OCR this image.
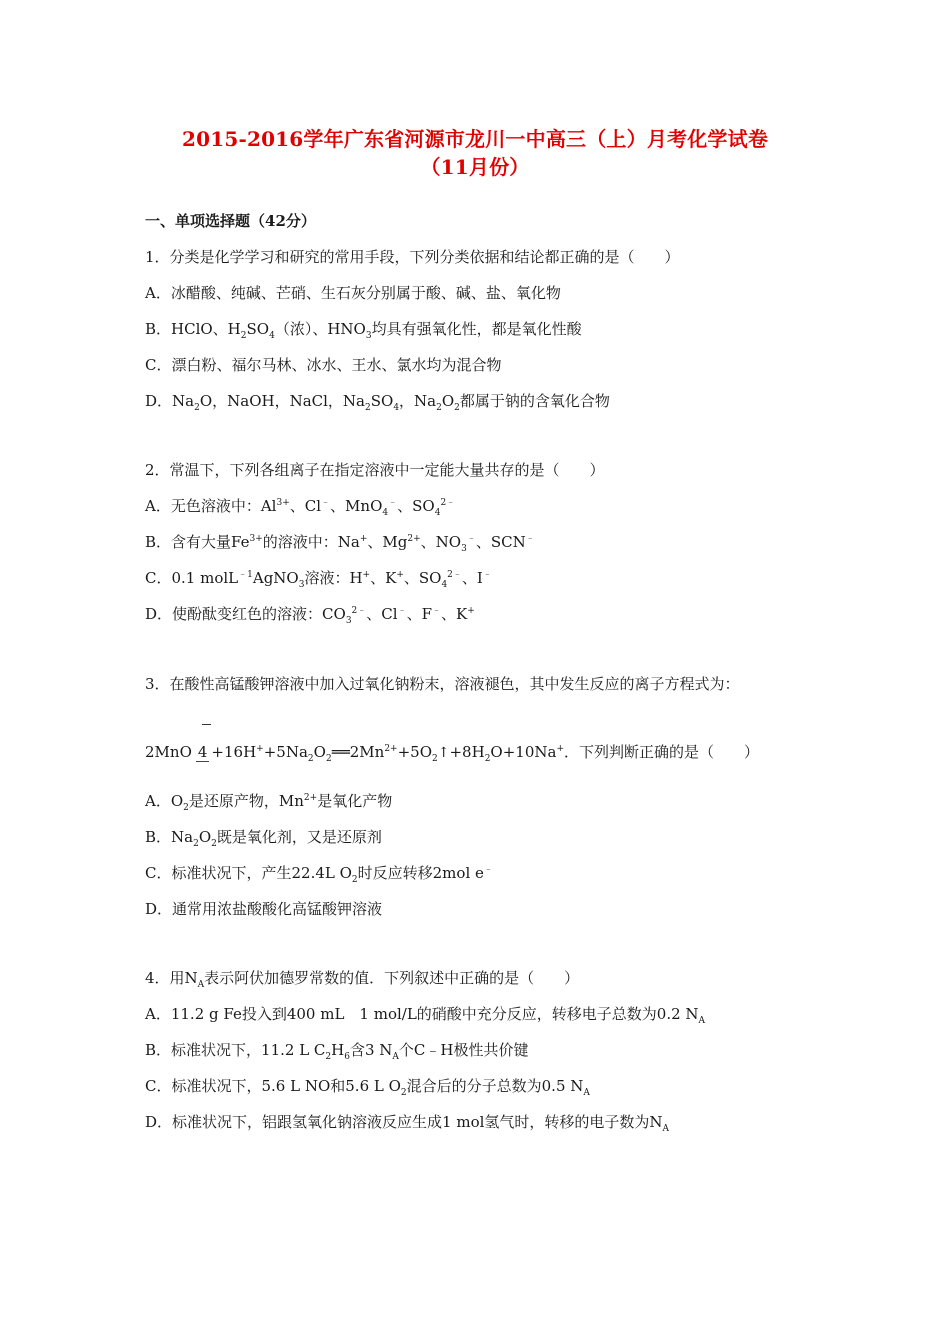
2015-2016学年广东省河源市龙川一中高三（上）月考化学试卷
（11月份）
一、单项选择题（42分）
1．分类是化学学习和研究的常用手段，下列分类依据和结论都正确的是（　　）
A．冰醋酸、纯碱、芒硝、生石灰分别属于酸、碱、盐、氧化物
B．HClO、$H_2SO_4$（浓）、$HNO_3$均具有强氧化性，都是氧化性酸
C．漂白粉、福尔马林、冰水、王水、氯水均为混合物
D．$Na_2O$，NaOH，NaCl，$Na_2SO_4$，$Na_2O_2$都属于钠的含氧化合物
2．常温下，下列各组离子在指定溶液中一定能大量共存的是（　　）
A．无色溶液中：$Al^{3+}$、Cl﹣、MnO$_4$﹣、$SO_4^{2﹣}$
B．含有大量$Fe^{3+}$的溶液中：Na+、$Mg^{2+}$、$NO_3^﹣$、SCN﹣
C．0.1 molL$^{﹣1}$AgNO$_3$溶液：H+、K+、$SO_4^{2﹣}$、I﹣
D．使酚酞变红色的溶液：$CO_3^{2﹣}$、Cl﹣、F﹣、K+
3．在酸性高锰酸钾溶液中加入过氧化钠粉末，溶液褪色，其中发生反应的离子方程式为：
2MnO $4 +16H^++5Na_2O_2══2Mn^{2+}+5O_2↑+8H_2O+10Na^+$．下列判断正确的是（　　）
A．$O_2$是还原产物，$Mn^{2+}$是氧化产物
B．$Na_2O_2$既是氧化剂，又是还原剂
C．标准状况下，产生22.4L $O_2$时反应转移2mol e﹣
D．通常用浓盐酸酸化高锰酸钾溶液
4．用$N_A$表示阿伏加德罗常数的值．下列叙述中正确的是（　　）
A．11.2 g Fe投入到400 mL　1 mol/L的硝酸中充分反应，转移电子总数为0.2 $N_A$
B．标准状况下，11.2 L $C_2H_6$含3 $N_A$个C﹣H极性共价键
C．标准状况下，5.6 L NO和5.6 L $O_2$混合后的分子总数为0.5 $N_A$
D．标准状况下，铝跟氢氧化钠溶液反应生成1 mol氢气时，转移的电子数为$N_A$
